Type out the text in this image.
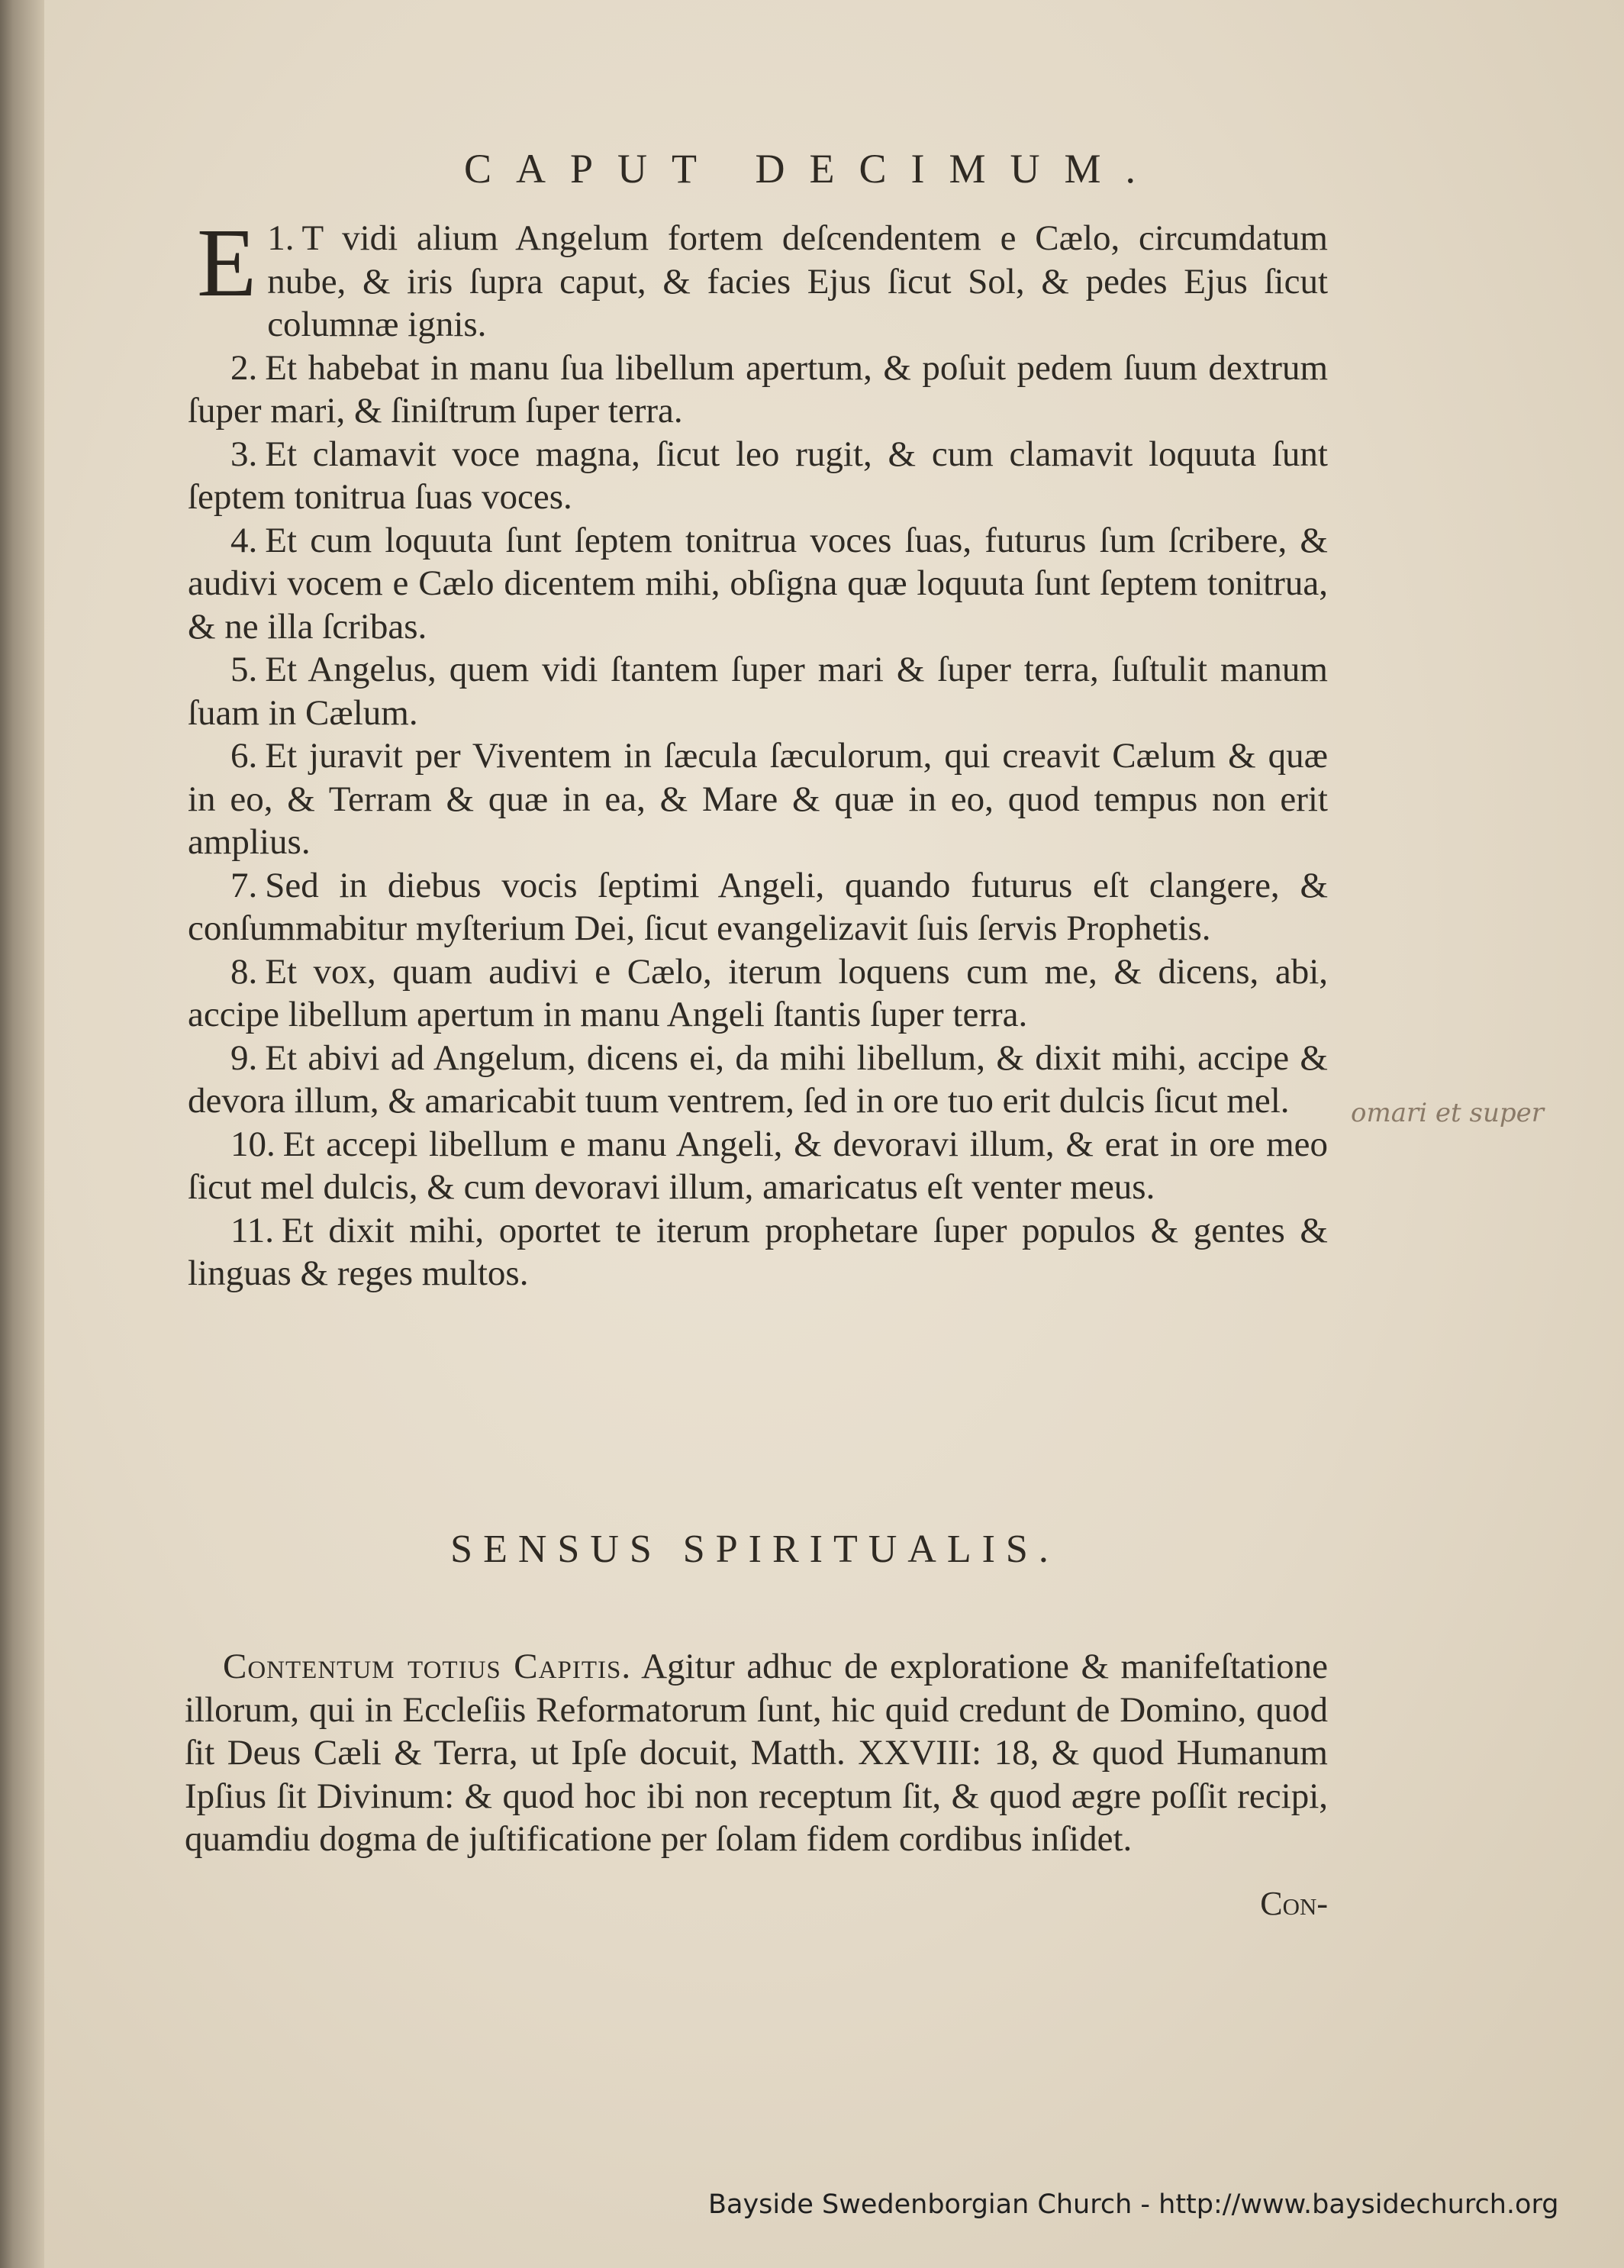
CAPUT DECIMUM.

1.
E T vidi alium Angelum fortem deſcendentem e Cælo, circumdatum nube, & iris ſupra caput, & facies Ejus ſicut Sol, & pedes Ejus ſicut columnæ ignis.

2. Et habebat in manu ſua libellum apertum, & poſuit pedem ſuum dextrum ſuper mari, & ſiniſtrum ſuper terra.

3. Et clamavit voce magna, ſicut leo rugit, & cum clamavit loquuta ſunt ſeptem tonitrua ſuas voces.

4. Et cum loquuta ſunt ſeptem tonitrua voces ſuas, futurus ſum ſcribere, & audivi vocem e Cælo dicentem mihi, obſigna quæ loquuta ſunt ſeptem tonitrua, & ne illa ſcribas.

5. Et Angelus, quem vidi ſtantem ſuper mari & ſuper terra, ſuſtulit manum ſuam in Cælum.

6. Et juravit per Viventem in ſæcula ſæculorum, qui creavit Cælum & quæ in eo, & Terram & quæ in ea, & Mare & quæ in eo, quod tempus non erit amplius.

7. Sed in diebus vocis ſeptimi Angeli, quando futurus eſt clangere, & conſummabitur myſterium Dei, ſicut evangelizavit ſuis ſervis Prophetis.

8. Et vox, quam audivi e Cælo, iterum loquens cum me, & dicens, abi, accipe libellum apertum in manu Angeli ſtantis ſuper terra.

9. Et abivi ad Angelum, dicens ei, da mihi libellum, & dixit mihi, accipe & devora illum, & amaricabit tuum ventrem, ſed in ore tuo erit dulcis ſicut mel.

10. Et accepi libellum e manu Angeli, & devoravi illum, & erat in ore meo ſicut mel dulcis, & cum devoravi illum, amaricatus eſt venter meus.

11. Et dixit mihi, oportet te iterum prophetare ſuper populos & gentes & linguas & reges multos.

omari et super
SENSUS SPIRITUALIS.

Contentum totius Capitis. Agitur adhuc de exploratione & manifeſtatione illorum, qui in Eccleſiis Reformatorum ſunt, hic quid credunt de Domino, quod ſit Deus Cæli & Terra, ut Ipſe docuit, Matth. XXVIII: 18, & quod Humanum Ipſius ſit Divinum: & quod hoc ibi non receptum ſit, & quod ægre poſſit recipi, quamdiu dogma de juſtificatione per ſolam fidem cordibus inſidet.

Con-
Bayside Swedenborgian Church - http://www.baysidechurch.org
